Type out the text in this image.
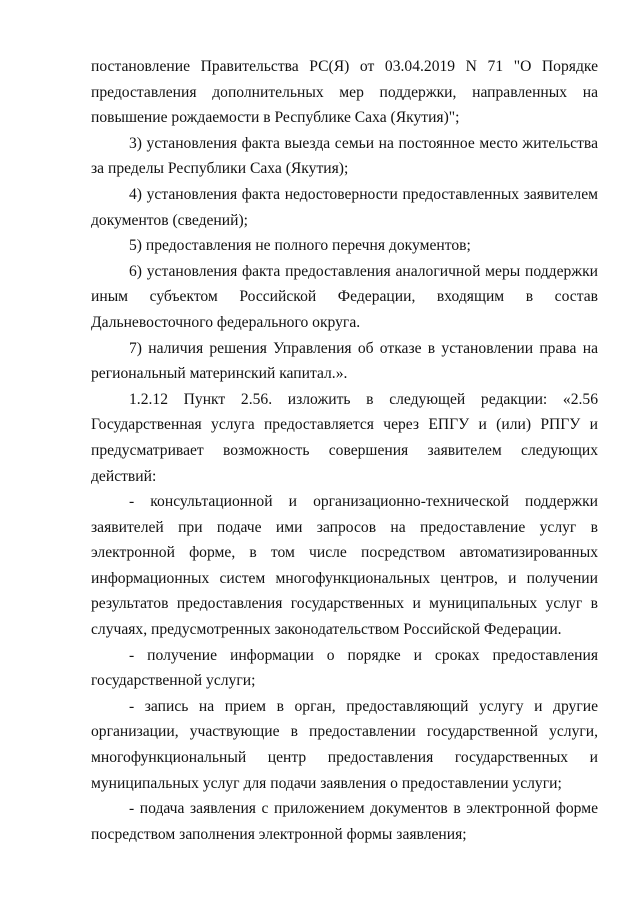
постановление Правительства РС(Я) от 03.04.2019 N 71 "О Порядке предоставления дополнительных мер поддержки, направленных на повышение рождаемости в Республике Саха (Якутия)";

3) установления факта выезда семьи на постоянное место жительства за пределы Республики Саха (Якутия);

4) установления факта недостоверности предоставленных заявителем документов (сведений);

5) предоставления не полного перечня документов;

6) установления факта предоставления аналогичной меры поддержки иным субъектом Российской Федерации, входящим в состав Дальневосточного федерального округа.

7) наличия решения Управления об отказе в установлении права на региональный материнский капитал.».

1.2.12 Пункт 2.56. изложить в следующей редакции: «2.56 Государственная услуга предоставляется через ЕПГУ и (или) РПГУ и предусматривает возможность совершения заявителем следующих действий:

- консультационной и организационно-технической поддержки заявителей при подаче ими запросов на предоставление услуг в электронной форме, в том числе посредством автоматизированных информационных систем многофункциональных центров, и получении результатов предоставления государственных и муниципальных услуг в случаях, предусмотренных законодательством Российской Федерации.

- получение информации о порядке и сроках предоставления государственной услуги;

- запись на прием в орган, предоставляющий услугу и другие организации, участвующие в предоставлении государственной услуги, многофункциональный центр предоставления государственных и муниципальных услуг для подачи заявления о предоставлении услуги;

- подача заявления с приложением документов в электронной форме посредством заполнения электронной формы заявления;
